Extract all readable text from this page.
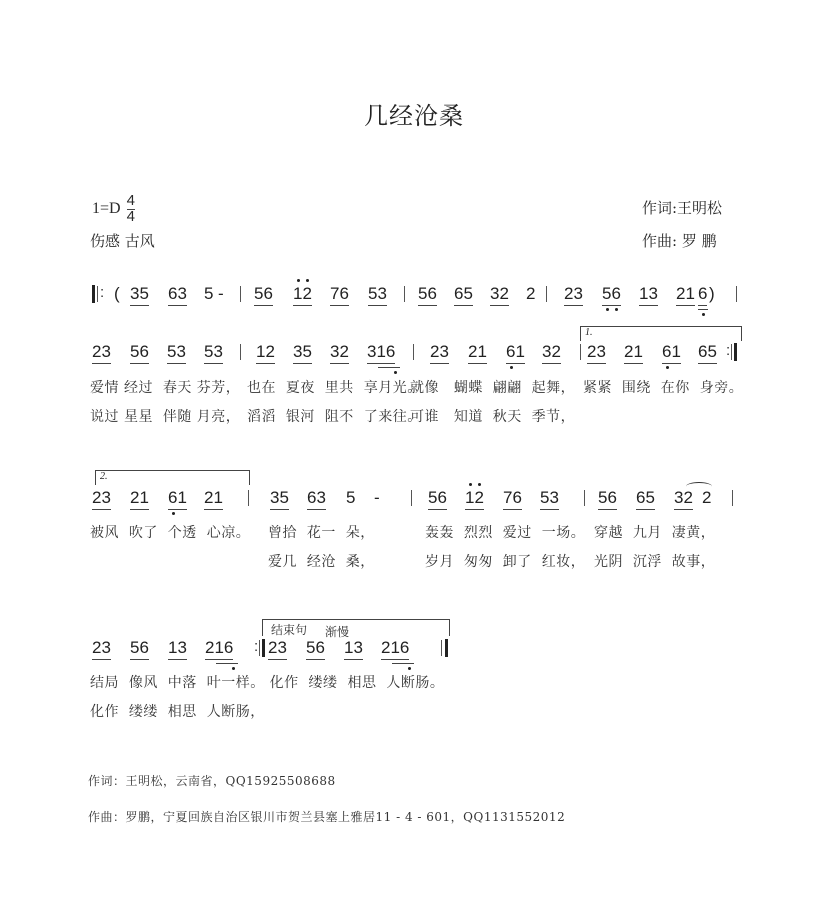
几经沧桑
$1=D \frac{4}{4}$
伤感 古风
作词:王明松
作曲: 罗 鹏
: ( 35 63 5 - 56 12 76 53 56 65 32 2 23 56 13 21 6 )
1.
23 56 53 53 12 35 32 316 23 21 61 32 23 21 61 65 :
爱情 经过  春天 芬芳， 也在  夏夜  里共  享月光。
就像   蝴蝶  翩翩  起舞， 紧紧  围绕  在你  身旁。
说过 星星  伴随 月亮， 滔滔  银河  阻不  了来往。
可谁   知道  秋天  季节，
2.
23 21 61 21	35 63 5 -	56 12 76 53 56 65 32 2
被风  吹了  个透  心凉。 曾拾  花一  朵，	轰轰  烈烈  爱过  一场。 穿越  九月  凄黄，
爱几  经沧  桑，	岁月  匆匆  卸了  红妆， 光阴  沉浮  故事，
结束句 渐慢
23 56 13 216 : 23 56 13 216
结局  像风  中落  叶一样。 化作  缕缕  相思  人断肠。
化作  缕缕  相思  人断肠，
作词：王明松，云南省，QQ1592550868​8
作曲：罗鹏，宁夏回族自治区银川市贺兰县塞上雅居11 - 4 - 601，QQ1131552012
